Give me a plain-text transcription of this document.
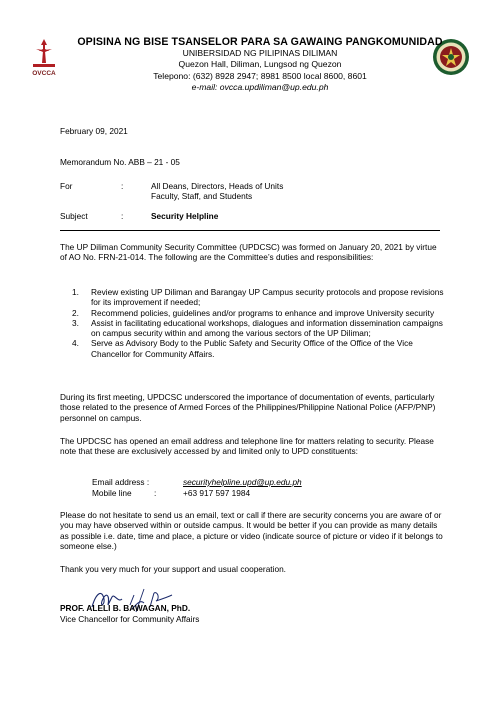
OVCCA
OPISINA NG BISE TSANSELOR PARA SA GAWAING PANGKOMUNIDAD
UNIBERSIDAD NG PILIPINAS DILIMAN
Quezon Hall, Diliman, Lungsod ng Quezon
Telepono: (632) 8928 2947; 8981 8500 local 8600, 8601
e-mail: ovcca.updiliman@up.edu.ph
February 09, 2021
Memorandum No. ABB – 21 - 05
For	:	All Deans, Directors, Heads of Units
Faculty, Staff, and Students
Subject	:	Security Helpline
The UP Diliman Community Security Committee (UPDCSC) was formed on January 20, 2021 by virtue of AO No. FRN-21-014. The following are the Committee’s duties and responsibilities:
1. Review existing UP Diliman and Barangay UP Campus security protocols and propose revisions for its improvement if needed;
2. Recommend policies, guidelines and/or programs to enhance and improve University security
3. Assist in facilitating educational workshops, dialogues and information dissemination campaigns on campus security within and among the various sectors of the UP Diliman;
4. Serve as Advisory Body to the Public Safety and Security Office of the Office of the Vice Chancellor for Community Affairs.
During its first meeting, UPDCSC underscored the importance of documentation of events, particularly those related to the presence of Armed Forces of the Philippines/Philippine National Police (AFP/PNP) personnel on campus.
The UPDCSC has opened an email address and telephone line for matters relating to security. Please note that these are exclusively accessed by and limited only to UPD constituents:
Email address :	securityhelpline.upd@up.edu.ph
Mobile line	:	+63 917 597 1984
Please do not hesitate to send us an email, text or call if there are security concerns you are aware of or you may have observed within or outside campus. It would be better if you can provide as many details as possible i.e. date, time and place, a picture or video (indicate source of picture or video if it belongs to someone else.)
Thank you very much for your support and usual cooperation.
PROF. ALELI B. BAWAGAN, PhD.
Vice Chancellor for Community Affairs
